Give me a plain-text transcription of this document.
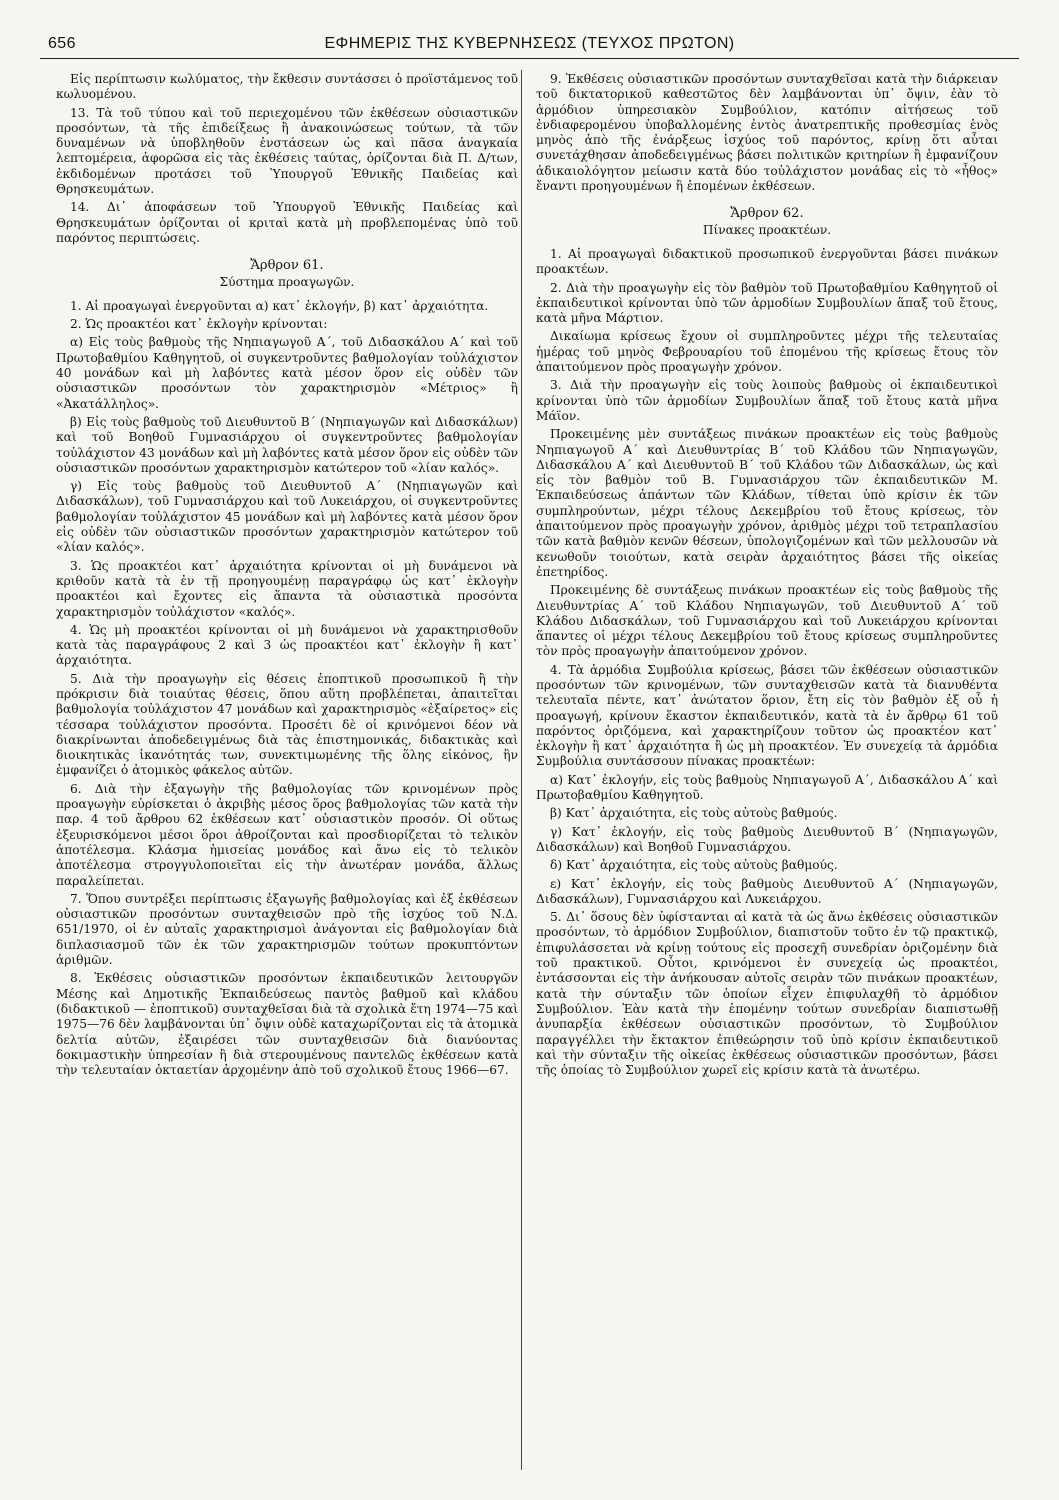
656	ΕΦΗΜΕΡΙΣ ΤΗΣ ΚΥΒΕΡΝΗΣΕΩΣ (ΤΕΥΧΟΣ ΠΡΩΤΟΝ)

Εἰς περίπτωσιν κωλύματος, τὴν ἔκθεσιν συντάσσει ὁ προϊστάμενος τοῦ κωλυομένου.

13. Τὰ τοῦ τύπου καὶ τοῦ περιεχομένου τῶν ἐκθέσεων οὐσιαστικῶν προσόντων, τὰ τῆς ἐπιδείξεως ἢ ἀνακοινώσεως τούτων, τὰ τῶν δυναμένων νὰ ὑποβληθοῦν ἐνστάσεων ὡς καὶ πᾶσα ἀναγκαία λεπτομέρεια, ἀφορῶσα εἰς τὰς ἐκθέσεις ταύτας, ὁρίζονται διὰ Π. Δ/των, ἐκδιδομένων προτάσει τοῦ Ὑπουργοῦ Ἐθνικῆς Παιδείας καὶ Θρησκευμάτων.

14. Δι᾽ ἀποφάσεων τοῦ Ὑπουργοῦ Ἐθνικῆς Παιδείας καὶ Θρησκευμάτων ὁρίζονται οἱ κριταὶ κατὰ μὴ προβλεπομένας ὑπὸ τοῦ παρόντος περιπτώσεις.

Ἄρθρον 61.
Σύστημα προαγωγῶν.

1. Αἱ προαγωγαὶ ἐνεργοῦνται α) κατ᾽ ἐκλογήν, β) κατ᾽ ἀρχαιότητα.

2. Ὡς προακτέοι κατ᾽ ἐκλογὴν κρίνονται:

α) Εἰς τοὺς βαθμοὺς τῆς Νηπιαγωγοῦ Α΄, τοῦ Διδασκάλου Α΄ καὶ τοῦ Πρωτοβαθμίου Καθηγητοῦ, οἱ συγκεντροῦντες βαθμολογίαν τοὐλάχιστον 40 μονάδων καὶ μὴ λαβόντες κατὰ μέσον ὅρον εἰς οὐδὲν τῶν οὐσιαστικῶν προσόντων τὸν χαρακτηρισμὸν «Μέτριος» ἢ «Ἀκατάλληλος».

β) Εἰς τοὺς βαθμοὺς τοῦ Διευθυντοῦ Β΄ (Νηπιαγωγῶν καὶ Διδασκάλων) καὶ τοῦ Βοηθοῦ Γυμνασιάρχου οἱ συγκεντροῦντες βαθμολογίαν τοὐλάχιστον 43 μονάδων καὶ μὴ λαβόντες κατὰ μέσον ὅρον εἰς οὐδὲν τῶν οὐσιαστικῶν προσόντων χαρακτηρισμὸν κατώτερον τοῦ «λίαν καλός».

γ) Εἰς τοὺς βαθμοὺς τοῦ Διευθυντοῦ Α΄ (Νηπιαγωγῶν καὶ Διδασκάλων), τοῦ Γυμνασιάρχου καὶ τοῦ Λυκειάρχου, οἱ συγκεντροῦντες βαθμολογίαν τοὐλάχιστον 45 μονάδων καὶ μὴ λαβόντες κατὰ μέσον ὅρον εἰς οὐδὲν τῶν οὐσιαστικῶν προσόντων χαρακτηρισμὸν κατώτερον τοῦ «λίαν καλός».

3. Ὡς προακτέοι κατ᾽ ἀρχαιότητα κρίνονται οἱ μὴ δυνάμενοι νὰ κριθοῦν κατὰ τὰ ἐν τῇ προηγουμένῃ παραγράφῳ ὡς κατ᾽ ἐκλογὴν προακτέοι καὶ ἔχοντες εἰς ἅπαντα τὰ οὐσιαστικὰ προσόντα χαρακτηρισμὸν τοὐλάχιστον «καλός».

4. Ὡς μὴ προακτέοι κρίνονται οἱ μὴ δυνάμενοι νὰ χαρακτηρισθοῦν κατὰ τὰς παραγράφους 2 καὶ 3 ὡς προακτέοι κατ᾽ ἐκλογὴν ἢ κατ᾽ ἀρχαιότητα.

5. Διὰ τὴν προαγωγὴν εἰς θέσεις ἐποπτικοῦ προσωπικοῦ ἢ τὴν πρόκρισιν διὰ τοιαύτας θέσεις, ὅπου αὕτη προβλέπεται, ἀπαιτεῖται βαθμολογία τοὐλάχιστον 47 μονάδων καὶ χαρακτηρισμὸς «ἐξαίρετος» εἰς τέσσαρα τοὐλάχιστον προσόντα. Προσέτι δὲ οἱ κρινόμενοι δέον νὰ διακρίνωνται ἀποδεδειγμένως διὰ τὰς ἐπιστημονικάς, διδακτικὰς καὶ διοικητικὰς ἱκανότητάς των, συνεκτιμωμένης τῆς ὅλης εἰκόνος, ἣν ἐμφανίζει ὁ ἀτομικὸς φάκελος αὐτῶν.

6. Διὰ τὴν ἐξαγωγὴν τῆς βαθμολογίας τῶν κρινομένων πρὸς προαγωγὴν εὑρίσκεται ὁ ἀκριβὴς μέσος ὅρος βαθμολογίας τῶν κατὰ τὴν παρ. 4 τοῦ ἄρθρου 62 ἐκθέσεων κατ᾽ οὐσιαστικὸν προσόν. Οἱ οὕτως ἐξευρισκόμενοι μέσοι ὅροι ἀθροίζονται καὶ προσδιορίζεται τὸ τελικὸν ἀποτέλεσμα. Κλάσμα ἡμισείας μονάδος καὶ ἄνω εἰς τὸ τελικὸν ἀποτέλεσμα στρογγυλοποιεῖται εἰς τὴν ἀνωτέραν μονάδα, ἄλλως παραλείπεται.

7. Ὅπου συντρέξει περίπτωσις ἐξαγωγῆς βαθμολογίας καὶ ἐξ ἐκθέσεων οὐσιαστικῶν προσόντων συνταχθεισῶν πρὸ τῆς ἰσχύος τοῦ Ν.Δ. 651/1970, οἱ ἐν αὐταῖς χαρακτηρισμοὶ ἀνάγονται εἰς βαθμολογίαν διὰ διπλασιασμοῦ τῶν ἐκ τῶν χαρακτηρισμῶν τούτων προκυπτόντων ἀριθμῶν.

8. Ἐκθέσεις οὐσιαστικῶν προσόντων ἐκπαιδευτικῶν λειτουργῶν Μέσης καὶ Δημοτικῆς Ἐκπαιδεύσεως παντὸς βαθμοῦ καὶ κλάδου (διδακτικοῦ — ἐποπτικοῦ) συνταχθεῖσαι διὰ τὰ σχολικὰ ἔτη 1974—75 καὶ 1975—76 δὲν λαμβάνονται ὑπ᾽ ὄψιν οὐδὲ καταχωρίζονται εἰς τὰ ἀτομικὰ δελτία αὐτῶν, ἐξαιρέσει τῶν συνταχθεισῶν διὰ διανύοντας δοκιμαστικὴν ὑπηρεσίαν ἢ διὰ στερουμένους παντελῶς ἐκθέσεων κατὰ τὴν τελευταίαν ὀκταετίαν ἀρχομένην ἀπὸ τοῦ σχολικοῦ ἔτους 1966—67.

9. Ἐκθέσεις οὐσιαστικῶν προσόντων συνταχθεῖσαι κατὰ τὴν διάρκειαν τοῦ δικτατορικοῦ καθεστῶτος δὲν λαμβάνονται ὑπ᾽ ὄψιν, ἐὰν τὸ ἁρμόδιον ὑπηρεσιακὸν Συμβούλιον, κατόπιν αἰτήσεως τοῦ ἐνδιαφερομένου ὑποβαλλομένης ἐντὸς ἀνατρεπτικῆς προθεσμίας ἑνὸς μηνὸς ἀπὸ τῆς ἐνάρξεως ἰσχύος τοῦ παρόντος, κρίνῃ ὅτι αὗται συνετάχθησαν ἀποδεδειγμένως βάσει πολιτικῶν κριτηρίων ἢ ἐμφανίζουν ἀδικαιολόγητον μείωσιν κατὰ δύο τοὐλάχιστον μονάδας εἰς τὸ «ἦθος» ἔναντι προηγουμένων ἢ ἑπομένων ἐκθέσεων.

Ἄρθρον 62.
Πίνακες προακτέων.

1. Αἱ προαγωγαὶ διδακτικοῦ προσωπικοῦ ἐνεργοῦνται βάσει πινάκων προακτέων.

2. Διὰ τὴν προαγωγὴν εἰς τὸν βαθμὸν τοῦ Πρωτοβαθμίου Καθηγητοῦ οἱ ἐκπαιδευτικοὶ κρίνονται ὑπὸ τῶν ἁρμοδίων Συμβουλίων ἅπαξ τοῦ ἔτους, κατὰ μῆνα Μάρτιον.

Δικαίωμα κρίσεως ἔχουν οἱ συμπληροῦντες μέχρι τῆς τελευταίας ἡμέρας τοῦ μηνὸς Φεβρουαρίου τοῦ ἐπομένου τῆς κρίσεως ἔτους τὸν ἀπαιτούμενον πρὸς προαγωγὴν χρόνον.

3. Διὰ τὴν προαγωγὴν εἰς τοὺς λοιποὺς βαθμοὺς οἱ ἐκπαιδευτικοὶ κρίνονται ὑπὸ τῶν ἁρμοδίων Συμβουλίων ἅπαξ τοῦ ἔτους κατὰ μῆνα Μάϊον.

Προκειμένης μὲν συντάξεως πινάκων προακτέων εἰς τοὺς βαθμοὺς Νηπιαγωγοῦ Α΄ καὶ Διευθυντρίας Β΄ τοῦ Κλάδου τῶν Νηπιαγωγῶν, Διδασκάλου Α΄ καὶ Διευθυντοῦ Β΄ τοῦ Κλάδου τῶν Διδασκάλων, ὡς καὶ εἰς τὸν βαθμὸν τοῦ Β. Γυμνασιάρχου τῶν ἐκπαιδευτικῶν Μ. Ἐκπαιδεύσεως ἁπάντων τῶν Κλάδων, τίθεται ὑπὸ κρίσιν ἐκ τῶν συμπληρούντων, μέχρι τέλους Δεκεμβρίου τοῦ ἔτους κρίσεως, τὸν ἀπαιτούμενον πρὸς προαγωγὴν χρόνον, ἀριθμὸς μέχρι τοῦ τετραπλασίου τῶν κατὰ βαθμὸν κενῶν θέσεων, ὑπολογιζομένων καὶ τῶν μελλουσῶν νὰ κενωθοῦν τοιούτων, κατὰ σειρὰν ἀρχαιότητος βάσει τῆς οἰκείας ἐπετηρίδος.

Προκειμένης δὲ συντάξεως πινάκων προακτέων εἰς τοὺς βαθμοὺς τῆς Διευθυντρίας Α΄ τοῦ Κλάδου Νηπιαγωγῶν, τοῦ Διευθυντοῦ Α΄ τοῦ Κλάδου Διδασκάλων, τοῦ Γυμνασιάρχου καὶ τοῦ Λυκειάρχου κρίνονται ἅπαντες οἱ μέχρι τέλους Δεκεμβρίου τοῦ ἔτους κρίσεως συμπληροῦντες τὸν πρὸς προαγωγὴν ἀπαιτούμενον χρόνον.

4. Τὰ ἁρμόδια Συμβούλια κρίσεως, βάσει τῶν ἐκθέσεων οὐσιαστικῶν προσόντων τῶν κρινομένων, τῶν συνταχθεισῶν κατὰ τὰ διανυθέντα τελευταῖα πέντε, κατ᾽ ἀνώτατον ὅριον, ἔτη εἰς τὸν βαθμὸν ἐξ οὗ ἡ προαγωγή, κρίνουν ἕκαστον ἐκπαιδευτικόν, κατὰ τὰ ἐν ἄρθρῳ 61 τοῦ παρόντος ὁριζόμενα, καὶ χαρακτηρίζουν τοῦτον ὡς προακτέον κατ᾽ ἐκλογὴν ἢ κατ᾽ ἀρχαιότητα ἢ ὡς μὴ προακτέον. Ἐν συνεχείᾳ τὰ ἁρμόδια Συμβούλια συντάσσουν πίνακας προακτέων:

α) Κατ᾽ ἐκλογήν, εἰς τοὺς βαθμοὺς Νηπιαγωγοῦ Α΄, Διδασκάλου Α΄ καὶ Πρωτοβαθμίου Καθηγητοῦ.

β) Κατ᾽ ἀρχαιότητα, εἰς τοὺς αὐτοὺς βαθμούς.

γ) Κατ᾽ ἐκλογήν, εἰς τοὺς βαθμοὺς Διευθυντοῦ Β΄ (Νηπιαγωγῶν, Διδασκάλων) καὶ Βοηθοῦ Γυμνασιάρχου.

δ) Κατ᾽ ἀρχαιότητα, εἰς τοὺς αὐτοὺς βαθμούς.

ε) Κατ᾽ ἐκλογήν, εἰς τοὺς βαθμοὺς Διευθυντοῦ Α΄ (Νηπιαγωγῶν, Διδασκάλων), Γυμνασιάρχου καὶ Λυκειάρχου.

5. Δι᾽ ὅσους δὲν ὑφίστανται αἱ κατὰ τὰ ὡς ἄνω ἐκθέσεις οὐσιαστικῶν προσόντων, τὸ ἁρμόδιον Συμβούλιον, διαπιστοῦν τοῦτο ἐν τῷ πρακτικῷ, ἐπιφυλάσσεται νὰ κρίνῃ τούτους εἰς προσεχῆ συνεδρίαν ὁριζομένην διὰ τοῦ πρακτικοῦ. Οὗτοι, κρινόμενοι ἐν συνεχείᾳ ὡς προακτέοι, ἐντάσσονται εἰς τὴν ἀνήκουσαν αὐτοῖς σειρὰν τῶν πινάκων προακτέων, κατὰ τὴν σύνταξιν τῶν ὁποίων εἶχεν ἐπιφυλαχθῆ τὸ ἁρμόδιον Συμβούλιον. Ἐὰν κατὰ τὴν ἑπομένην τούτων συνεδρίαν διαπιστωθῇ ἀνυπαρξία ἐκθέσεων οὐσιαστικῶν προσόντων, τὸ Συμβούλιον παραγγέλλει τὴν ἔκτακτον ἐπιθεώρησιν τοῦ ὑπὸ κρίσιν ἐκπαιδευτικοῦ καὶ τὴν σύνταξιν τῆς οἰκείας ἐκθέσεως οὐσιαστικῶν προσόντων, βάσει τῆς ὁποίας τὸ Συμβούλιον χωρεῖ εἰς κρίσιν κατὰ τὰ ἀνωτέρω.
